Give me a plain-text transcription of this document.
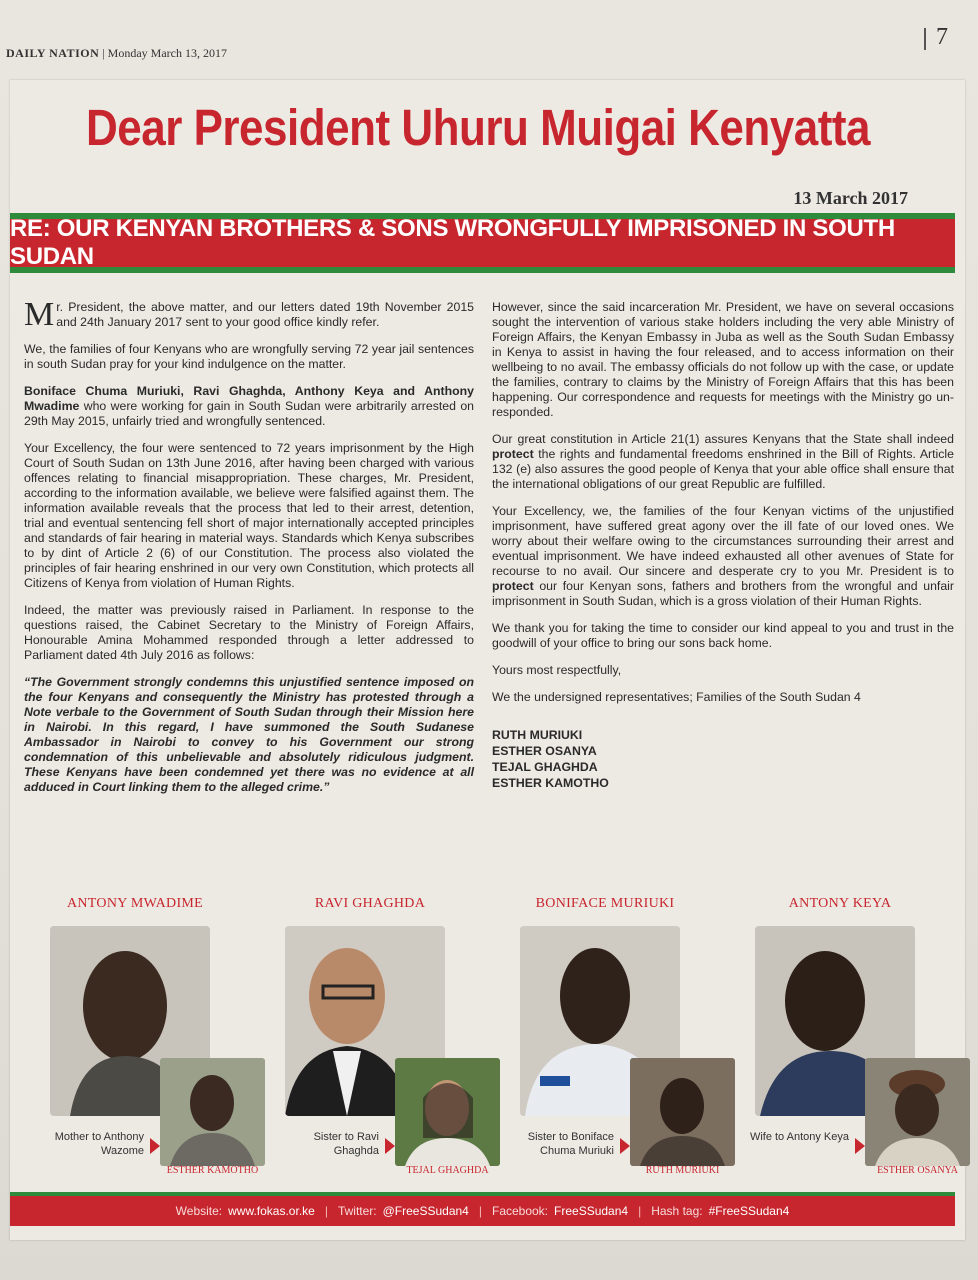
DAILY NATION | Monday March 13, 2017
7
Dear President Uhuru Muigai Kenyatta
13 March 2017
RE: OUR KENYAN BROTHERS & SONS WRONGFULLY IMPRISONED IN SOUTH SUDAN

Mr. President, the above matter, and our letters dated 19th November 2015 and 24th January 2017 sent to your good office kindly refer.

We, the families of four Kenyans who are wrongfully serving 72 year jail sentences in south Sudan pray for your kind indulgence on the matter.

Boniface Chuma Muriuki, Ravi Ghaghda, Anthony Keya and Anthony Mwadime who were working for gain in South Sudan were arbitrarily arrested on 29th May 2015, unfairly tried and wrongfully sentenced.

Your Excellency, the four were sentenced to 72 years imprisonment by the High Court of South Sudan on 13th June 2016, after having been charged with various offences relating to financial misappropriation. These charges, Mr. President, according to the information available, we believe were falsified against them. The information available reveals that the process that led to their arrest, detention, trial and eventual sentencing fell short of major internationally accepted principles and standards of fair hearing in material ways. Standards which Kenya subscribes to by dint of Article 2 (6) of our Constitution. The process also violated the principles of fair hearing enshrined in our very own Constitution, which protects all Citizens of Kenya from violation of Human Rights.

Indeed, the matter was previously raised in Parliament. In response to the questions raised, the Cabinet Secretary to the Ministry of Foreign Affairs, Honourable Amina Mohammed responded through a letter addressed to Parliament dated 4th July 2016 as follows:

“The Government strongly condemns this unjustified sentence imposed on the four Kenyans and consequently the Ministry has protested through a Note verbale to the Government of South Sudan through their Mission here in Nairobi. In this regard, I have summoned the South Sudanese Ambassador in Nairobi to convey to his Government our strong condemnation of this unbelievable and absolutely ridiculous judgment. These Kenyans have been condemned yet there was no evidence at all adduced in Court linking them to the alleged crime.”

However, since the said incarceration Mr. President, we have on several occasions sought the intervention of various stake holders including the very able Ministry of Foreign Affairs, the Kenyan Embassy in Juba as well as the South Sudan Embassy in Kenya to assist in having the four released, and to access information on their wellbeing to no avail. The embassy officials do not follow up with the case, or update the families, contrary to claims by the Ministry of Foreign Affairs that this has been happening. Our correspondence and requests for meetings with the Ministry go un-responded.

Our great constitution in Article 21(1) assures Kenyans that the State shall indeed protect the rights and fundamental freedoms enshrined in the Bill of Rights. Article 132 (e) also assures the good people of Kenya that your able office shall ensure that the international obligations of our great Republic are fulfilled.

Your Excellency, we, the families of the four Kenyan victims of the unjustified imprisonment, have suffered great agony over the ill fate of our loved ones. We worry about their welfare owing to the circumstances surrounding their arrest and eventual imprisonment. We have indeed exhausted all other avenues of State for recourse to no avail. Our sincere and desperate cry to you Mr. President is to protect our four Kenyan sons, fathers and brothers from the wrongful and unfair imprisonment in South Sudan, which is a gross violation of their Human Rights.

We thank you for taking the time to consider our kind appeal to you and trust in the goodwill of your office to bring our sons back home.

Yours most respectfully,

We the undersigned representatives; Families of the South Sudan 4

RUTH MURIUKI
ESTHER OSANYA
TEJAL GHAGHDA
ESTHER KAMOTHO
ANTONY MWADIME
Mother to Anthony Wazome
ESTHER KAMOTHO
RAVI GHAGHDA
Sister to Ravi Ghaghda
TEJAL GHAGHDA
BONIFACE MURIUKI
Sister to Boniface Chuma Muriuki
RUTH MURIUKI
ANTONY KEYA
Wife to Antony Keya
ESTHER OSANYA
Website: www.fokas.or.ke | Twitter: @FreeSSudan4 | Facebook: FreeSSudan4 | Hash tag: #FreeSSudan4
